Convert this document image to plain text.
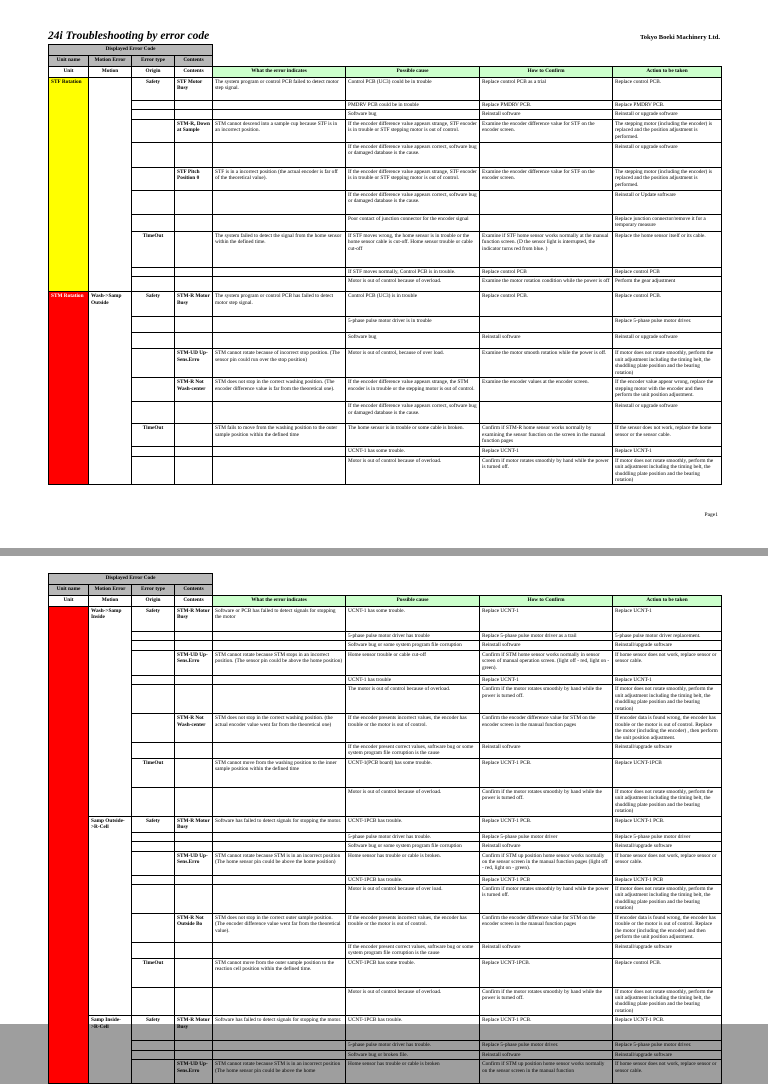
24i Troubleshooting by error code	Tokyo Boeki Machinery Ltd.
Displayed Error Code							
Unit name	Motion Error	Error type	Contents				
Unit	Motion	Origin	Contents	What the error indicates	Possible cause	How to Confirm	Action to be taken
STF Rotation		Safety	STF Motor Busy	The system program or control PCB failed to detect motor step signal.	Control PCB (UC3) could be in trouble	Replace control PCB as a trial	Replace control PCB.
					PMDRV PCB could be in trouble	Replace PMDRV PCB.	Replace PMDRV PCB.
					Software bug	Reinstall software	Reinstall or upgrade software
			STM-R, Down at Sample	STM cannot descend into a sample cup because STF is in an incorrect position.	If the encoder difference value appears strange, STF encoder is in trouble or STF stepping motor is out of control.	Examine the encoder difference value for STF on the encoder screen.	The stepping motor (including the encoder) is replaced and the position adjustment is performed.
					If the encoder difference value appears correct, software bug or damaged database is the cause.		Reinstall or upgrade software
			STF Pitch Position 0	STF is in a incorrect position (the actual encoder is far off of the theoretical value).	If the encoder difference value appears strange, STF encoder is in trouble or STF stepping motor is out of control.	Examine the encoder difference value for STF on the encoder screen.	The stepping motor (including the encoder) is replaced and the position adjustment is performed.
					If the encoder difference value appears correct, software bug or damaged database is the cause.		Reinstall or Update software
					Poor contact of junction connector for the encoder signal		Replace junction connector/remove it for a temporary measure
		TimeOut		The system failed to detect the signal from the home sensor within the defined time.	If STF moves wrong, the home sensor is in trouble or the home sensor cable is cut-off. Home sensor trouble or cable cut-off	Examine if STF home sensor works normally at the manual function screen. (D the sensor light is interrupted, the indicator turns red from blue. )	Replace the home sensor itself or its cable.
					If STF moves normally, Control PCB is in trouble.	Replace control PCB	Replace control PCB
					Motor is out of control because of overload.	Examine the motor rotation condition while the power is off	Perform the gear adjustment
STM Rotation	Wash->Samp Outside	Safety	STM-R Motor Busy	The system program or control PCB has failed to detect motor step signal.	Control PCB (UC3) is in trouble	Replace control PCB.	Replace control PCB.
					5-phase pulse motor driver is in trouble		Replace 5-phase pulse motor driver.
					Software bug	Reinstall software	Reinstall or upgrade software
			STM-UD Up-Sens.Erro	STM cannot rotate because of incorrect stop position. (The sensor pin could run over the stop position)	Motor is out of control, because of over load.	Examine the motor smooth rotation while the power is off.	If motor does not rotate smoothly, perform the unit adjustment including the timing belt, the shuddling plate position and the bearing rotation)
			STM-R Not Wash-center	STM does not stop in the correct washing position. (The encoder difference value is far from the theoretical one).	If the encoder difference value appears strange, the STM encoder is in trouble or the stepping motor is out of control.	Examine the encoder values at the encoder screen.	If the encoder value appear wrong, replace the stepping motor with the encoder and then perform the unit position adjustment.
					If the encoder difference value appears correct, software bug or damaged database is the cause.		Reinstall or upgrade software
		TimeOut		STM fails to move from the washing position to the outer sample position within the defined time	The home sensor is in trouble or some cable is broken.	Confirm if STM-R home sensor works normally by examining the sensor function on the screen in the manual function pages	If the sensor does not work, replace the home sensor or the sensor cable.
					UCNT-1 has some trouble.	Replace UCNT-1	Replace UCNT-1
					Motor is out of control because of overload.	Confirm if motor rotates smoothly by hand while the power is turned off.	If motor does not rotate smoothly, perform the unit adjustment including the timing belt, the shuddling plate position and the bearing rotation)
Page1
Displayed Error Code							
Unit name	Motion Error	Error type	Contents				
Unit	Motion	Origin	Contents	What the error indicates	Possible cause	How to Confirm	Action to be taken
	Wash->Samp Inside	Safety	STM-R Motor Busy	Software or PCB has failed to detect signals for stopping the motor	UCNT-1 has some trouble.	Replace UCNT-1	Replace UCNT-1
					5-phase pulse motor driver has trouble	Replace 5-phase pulse motor driver as a trail	5-phase pulse motor driver replacement.
					Software bug or some system program file corruption	Reinstall software	Reinstall/upgrade software
			STM-UD Up-Sens.Erro	STM cannot rotate because STM stops in an incorrect position. (The sensor pin could be above the home position)	Home sensor trouble or cable cut-off	Confirm if STM home sensor works normally in sensor screen of manual operation screen. (light off - red, light on - green).	If home sensor does not work, replace sensor or sensor cable.
					UCNT-1 has trouble	Replace UCNT-1	Replace UCNT-1
					The motor is out of control because of overload.	Confirm if the motor rotates smoothly by hand while the power is turned off.	If motor does not rotate smoothly, perform the unit adjustment including the timing belt, the shuddling plate position and the bearing rotation)
			STM-R Not Wash-center	STM does not stop in the correct washing position. (the actual encoder value went far from the theoretical one)	If the encoder presents incorrect values, the encoder has trouble or the motor is out of control.	Confirm the encoder difference value for STM on the encoder screen in the manual function pages	If encoder data is found wrong, the encoder has trouble or the motor is out of control. Replace the motor (including the encoder) , then perform the unit position adjustment.
					If the encoder present correct values, software bug or some system program file corruption is the cause	Reinstall software	Reinstall/upgrade software
		TimeOut		STM cannot move from the washing position to the inner sample position within the defined time	UCNT-1(PCB board) has some trouble.	Replace UCNT-1 PCB.	Replace UCNT-1PCB
					Motor is out of control because of overload.	Confirm if the motor rotates smoothly by hand while the power is turned off.	If motor does not rotate smoothly, perform the unit adjustment including the timing belt, the shuddling plate position and the bearing rotation)
	Samp Outside->R-Cell	Safety	STM-R Motor Busy	Software has failed to detect signals for stopping the motor.	UCNT-1PCB has trouble.	Replace UCNT-1 PCB.	Replace UCNT-1 PCB.
					5-phase pulse motor driver has trouble.	Replace 5-phase pulse motor driver	Replace 5-phase pulse motor driver
					Software bug or some system program file corruption	Reinstall software	Reinstall/upgrade software
			STM-UD Up-Sens.Erro	STM cannot rotate because STM is in an incorrect position (The home sensor pin could be above the home position)	Home sensor has trouble or cable is broken.	Confirm if STM up position home sensor works normally on the sensor screen in the manual function pages (light off - red, light on - green).	If home sensor does not work, replace sensor or sensor cable.
					UCNT-1PCB has trouble.	Replace UCNT-1 PCB	Replace UCNT-1 PCB
					Motor is out of control because of over load.	Confirm if motor rotates smoothly by hand while the power is turned off.	If motor does not rotate smoothly, perform the unit adjustment including the timing belt, the shuddling plate position and the bearing rotation)
			STM-R Not Outside Bo	STM does not stop in the correct outer sample position. (The encoder difference value went far from the theoretical value).	If the encoder presents incorrect values, the encoder has trouble or the motor is out of control.	Confirm the encoder difference value for STM on the encoder screen in the manual function pages	If encoder data is found wrong, the encoder has trouble or the motor is out of control. Replace the motor (including the encoder) and then perform the unit position adjustment.
					If the encoder present correct values, software bug or some system program file corruption is the cause	Reinstall software	Reinstall/upgrade software
		TimeOut		STM cannot move from the outer sample position to the reaction cell position within the defined time.	UCNT-1PCB has some trouble.	Replace UCNT-1PCB.	Replace control PCB.
					Motor is out of control because of overload.	Confirm if the motor rotates smoothly by hand while the power is turned off.	If motor does not rotate smoothly, perform the unit adjustment including the timing belt, the shuddling plate position and the bearing rotation)
	Samp Inside->R-Cell	Safety	STM-R Motor Busy	Software has failed to detect signals for stopping the motor.	UCNT-1PCB has trouble.	Replace UCNT-1 PCB.	Replace UCNT-1 PCB.
					5-phase pulse motor driver has trouble.	Replace 5-phase pulse motor driver.	Replace 5-phase pulse motor driver.
					Software bug or broken file.	Reinstall software	Reinstall/upgrade software
			STM-UD Up-Sens.Erro	STM cannot rotate because STM is in an incorrect position (The home sensor pin could be above the home	Home sensor has trouble or cable is broken	Confirm if STM up position home sensor works normally on the sensor screen in the manual function	If home sensor does not work, replace sensor or sensor cable.
